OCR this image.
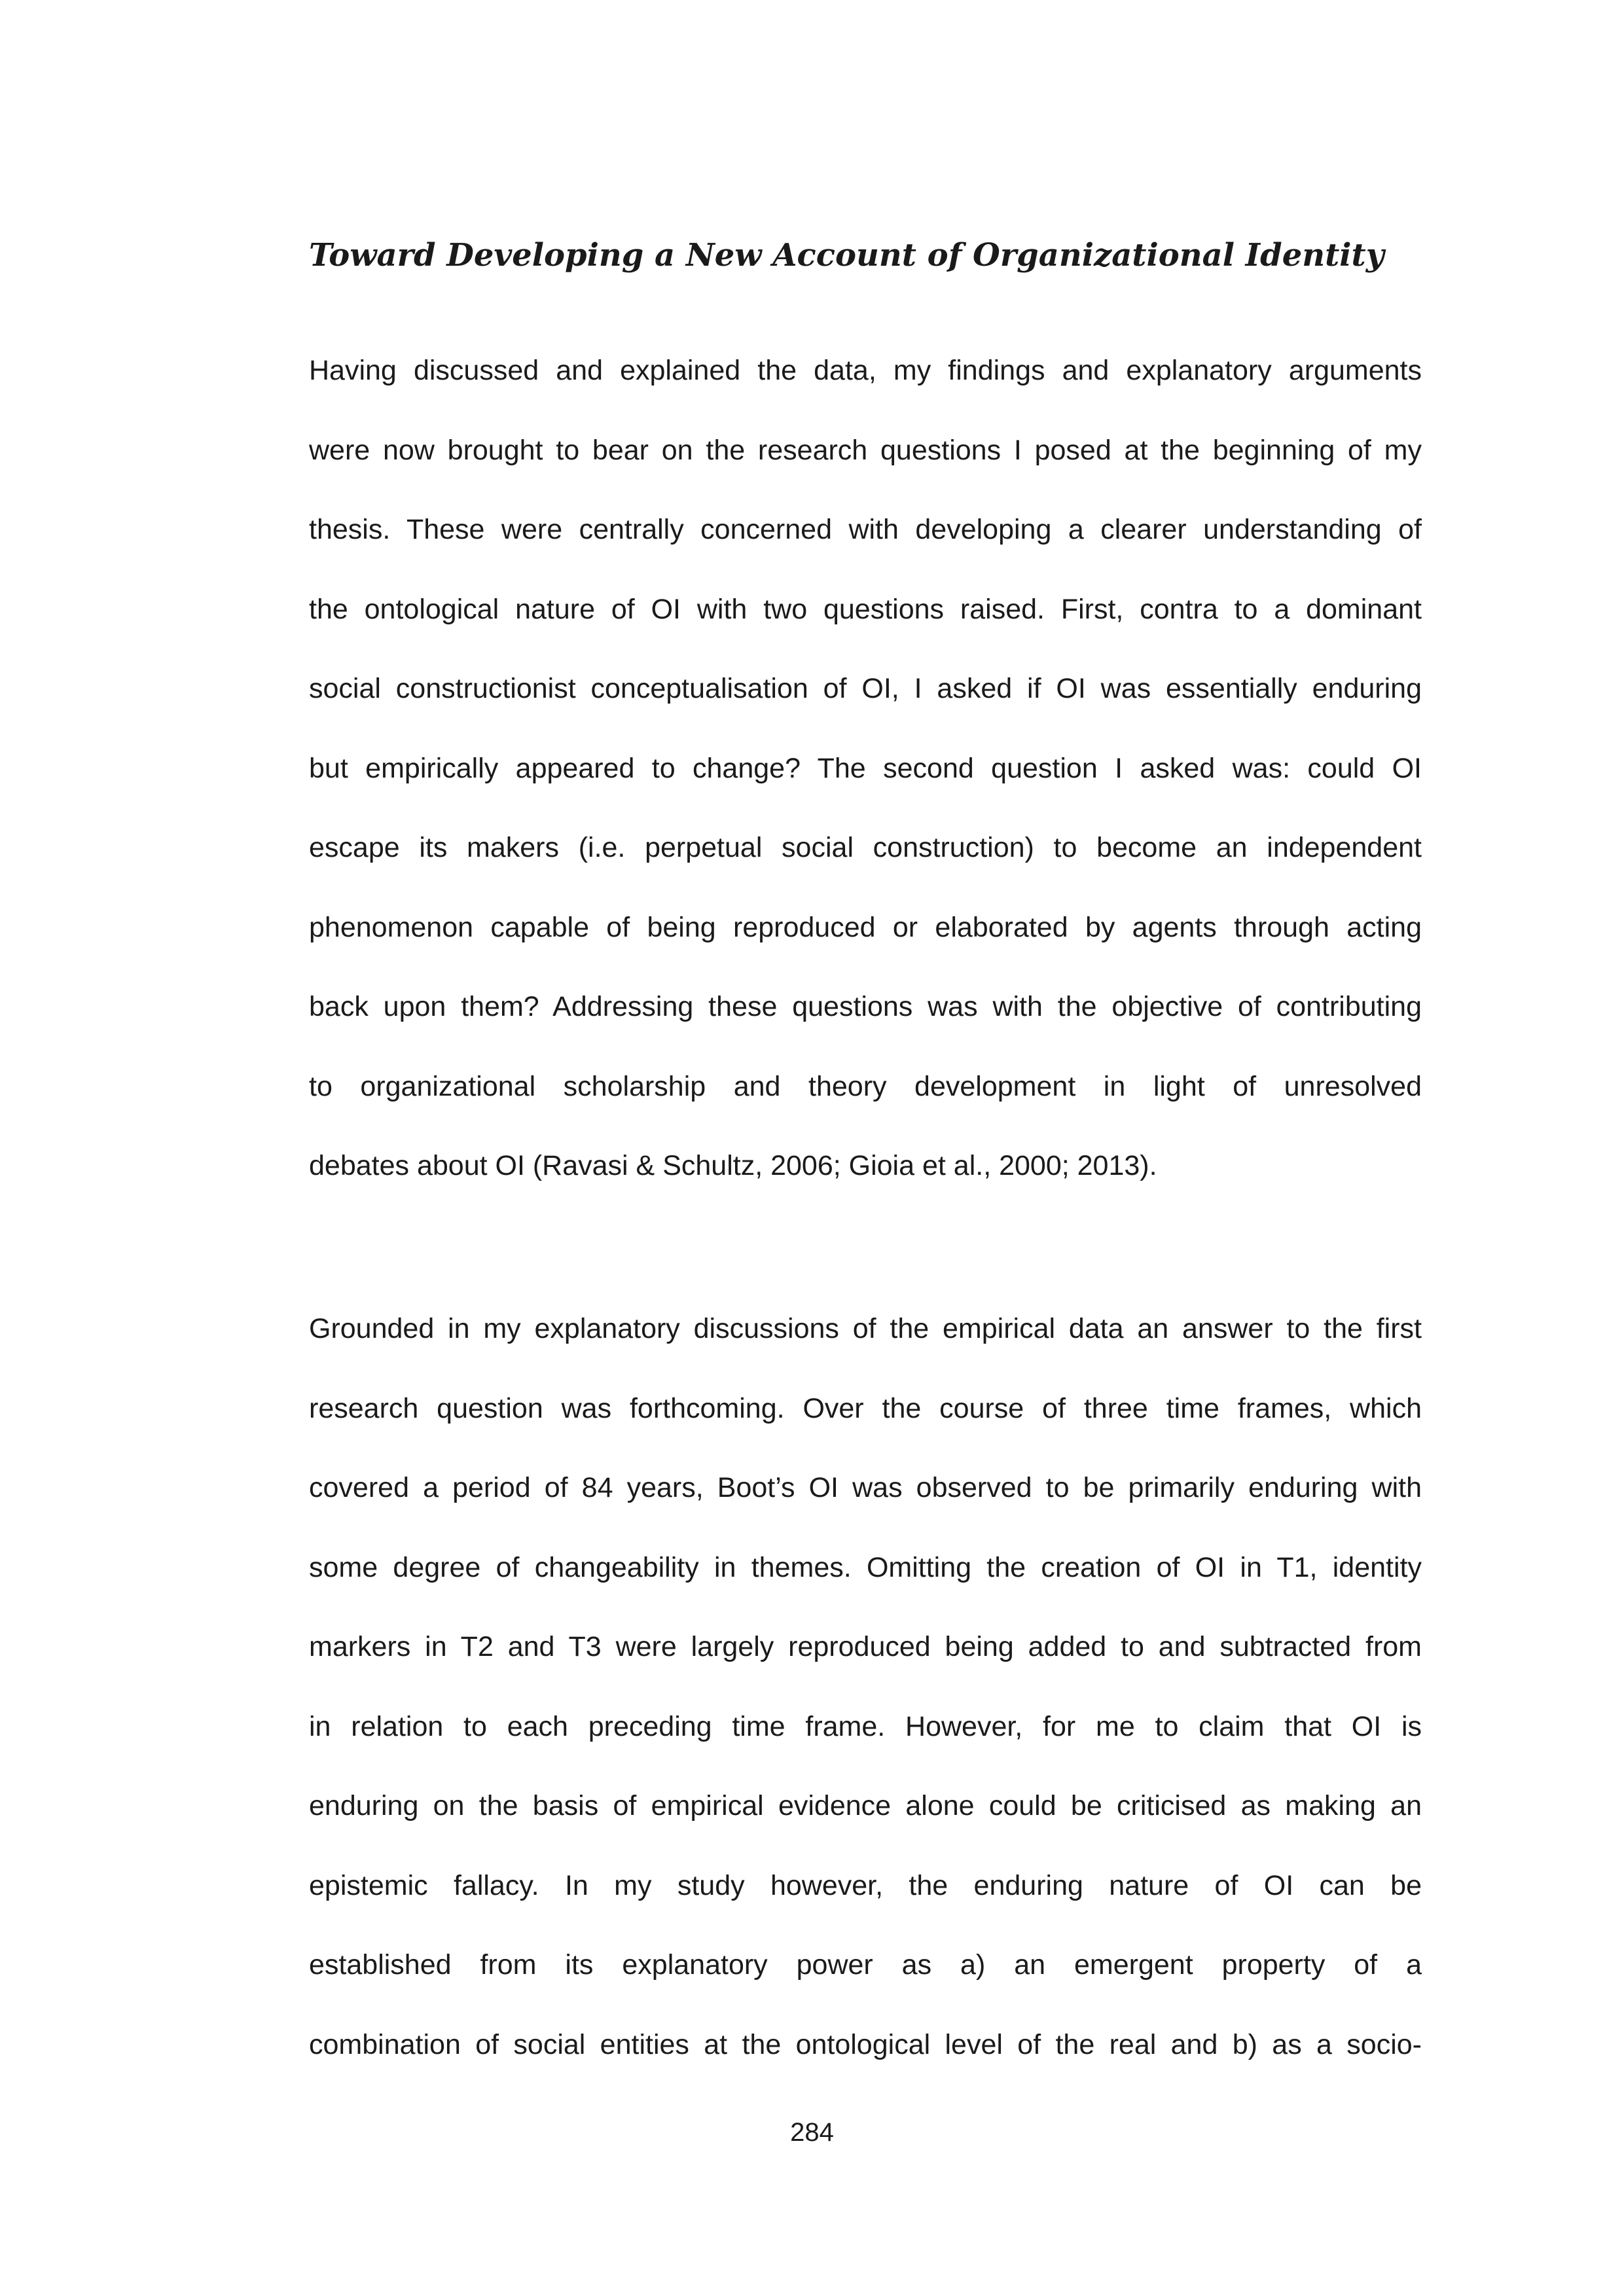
Toward Developing a New Account of Organizational Identity
Having discussed and explained the data, my findings and explanatory arguments
were now brought to bear on the research questions I posed at the beginning of my
thesis. These were centrally concerned with developing a clearer understanding of
the ontological nature of OI with two questions raised. First, contra to a dominant
social constructionist conceptualisation of OI, I asked if OI was essentially enduring
but empirically appeared to change? The second question I asked was: could OI
escape its makers (i.e. perpetual social construction) to become an independent
phenomenon capable of being reproduced or elaborated by agents through acting
back upon them? Addressing these questions was with the objective of contributing
to organizational scholarship and theory development in light of unresolved
debates about OI (Ravasi & Schultz, 2006; Gioia et al., 2000; 2013).
Grounded in my explanatory discussions of the empirical data an answer to the first
research question was forthcoming. Over the course of three time frames, which
covered a period of 84 years, Boot’s OI was observed to be primarily enduring with
some degree of changeability in themes. Omitting the creation of OI in T1, identity
markers in T2 and T3 were largely reproduced being added to and subtracted from
in relation to each preceding time frame. However, for me to claim that OI is
enduring on the basis of empirical evidence alone could be criticised as making an
epistemic fallacy. In my study however, the enduring nature of OI can be
established from its explanatory power as a) an emergent property of a
combination of social entities at the ontological level of the real and b) as a socio-
284
